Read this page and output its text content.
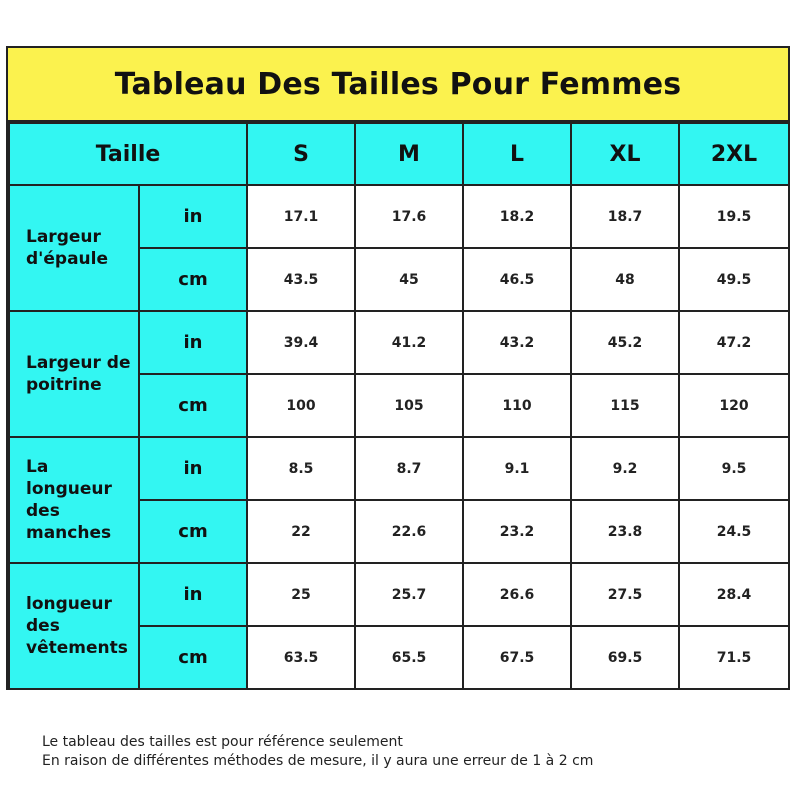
Tableau Des Tailles Pour Femmes
Taille		S	M	L	XL	2XL
Largeur d'épaule	in	17.1	17.6	18.2	18.7	19.5
	cm	43.5	45	46.5	48	49.5
Largeur de poitrine	in	39.4	41.2	43.2	45.2	47.2
	cm	100	105	110	115	120
La longueur des manches	in	8.5	8.7	9.1	9.2	9.5
	cm	22	22.6	23.2	23.8	24.5
longueur des vêtements	in	25	25.7	26.6	27.5	28.4
	cm	63.5	65.5	67.5	69.5	71.5
Le tableau des tailles est pour référence seulement
En raison de différentes méthodes de mesure, il y aura une erreur de 1 à 2 cm
